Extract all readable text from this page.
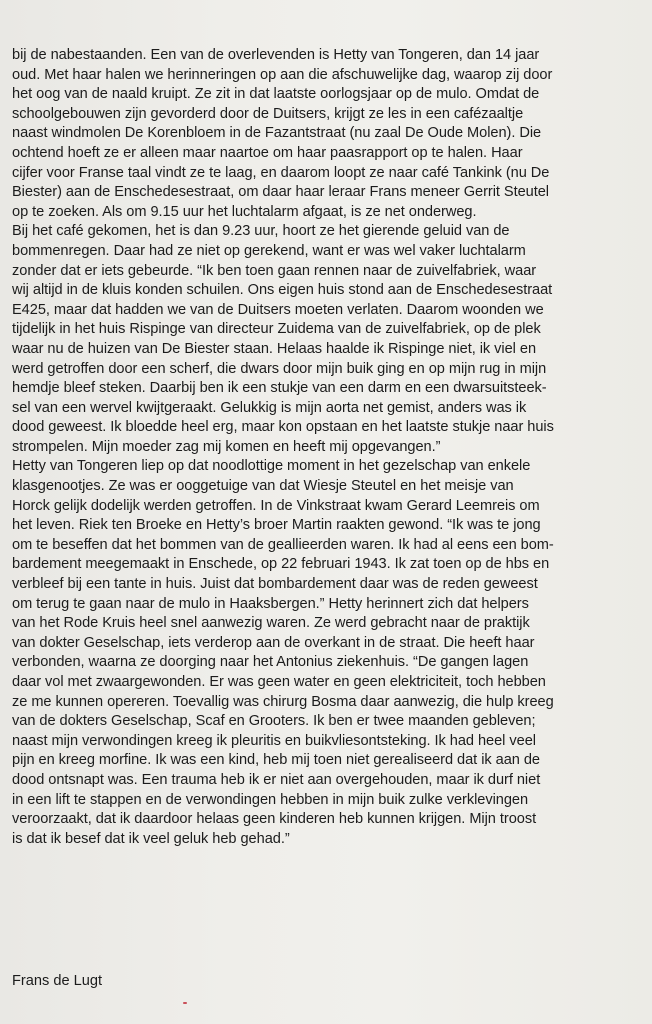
bij de nabestaanden. Een van de overlevenden is Hetty van Tongeren, dan 14 jaar
oud. Met haar halen we herinneringen op aan die afschuwelijke dag, waarop zij door
het oog van de naald kruipt. Ze zit in dat laatste oorlogsjaar op de mulo. Omdat de
schoolgebouwen zijn gevorderd door de Duitsers, krijgt ze les in een cafézaaltje
naast windmolen De Korenbloem in de Fazantstraat (nu zaal De Oude Molen). Die
ochtend hoeft ze er alleen maar naartoe om haar paasrapport op te halen. Haar
cijfer voor Franse taal vindt ze te laag, en daarom loopt ze naar café Tankink (nu De
Biester) aan de Enschedesestraat, om daar haar leraar Frans meneer Gerrit Steutel
op te zoeken. Als om 9.15 uur het luchtalarm afgaat, is ze net onderweg.

Bij het café gekomen, het is dan 9.23 uur, hoort ze het gierende geluid van de
bommenregen. Daar had ze niet op gerekend, want er was wel vaker luchtalarm
zonder dat er iets gebeurde. “Ik ben toen gaan rennen naar de zuivelfabriek, waar
wij altijd in de kluis konden schuilen. Ons eigen huis stond aan de Enschedesestraat
E425, maar dat hadden we van de Duitsers moeten verlaten. Daarom woonden we
tijdelijk in het huis Rispinge van directeur Zuidema van de zuivelfabriek, op de plek
waar nu de huizen van De Biester staan. Helaas haalde ik Rispinge niet, ik viel en
werd getroffen door een scherf, die dwars door mijn buik ging en op mijn rug in mijn
hemdje bleef steken. Daarbij ben ik een stukje van een darm en een dwarsuitsteek-
sel van een wervel kwijtgeraakt. Gelukkig is mijn aorta net gemist, anders was ik
dood geweest. Ik bloedde heel erg, maar kon opstaan en het laatste stukje naar huis
strompelen. Mijn moeder zag mij komen en heeft mij opgevangen.”

Hetty van Tongeren liep op dat noodlottige moment in het gezelschap van enkele
klasgenootjes. Ze was er ooggetuige van dat Wiesje Steutel en het meisje van
Horck gelijk dodelijk werden getroffen. In de Vinkstraat kwam Gerard Leemreis om
het leven. Riek ten Broeke en Hetty’s broer Martin raakten gewond. “Ik was te jong
om te beseffen dat het bommen van de geallieerden waren. Ik had al eens een bom-
bardement meegemaakt in Enschede, op 22 februari 1943. Ik zat toen op de hbs en
verbleef bij een tante in huis. Juist dat bombardement daar was de reden geweest
om terug te gaan naar de mulo in Haaksbergen.” Hetty herinnert zich dat helpers
van het Rode Kruis heel snel aanwezig waren. Ze werd gebracht naar de praktijk
van dokter Geselschap, iets verderop aan de overkant in de straat. Die heeft haar
verbonden, waarna ze doorging naar het Antonius ziekenhuis. “De gangen lagen
daar vol met zwaargewonden. Er was geen water en geen elektriciteit, toch hebben
ze me kunnen opereren. Toevallig was chirurg Bosma daar aanwezig, die hulp kreeg
van de dokters Geselschap, Scaf en Grooters. Ik ben er twee maanden gebleven;
naast mijn verwondingen kreeg ik pleuritis en buikvliesontsteking. Ik had heel veel
pijn en kreeg morfine. Ik was een kind, heb mij toen niet gerealiseerd dat ik aan de
dood ontsnapt was. Een trauma heb ik er niet aan overgehouden, maar ik durf niet
in een lift te stappen en de verwondingen hebben in mijn buik zulke verklevingen
veroorzaakt, dat ik daardoor helaas geen kinderen heb kunnen krijgen. Mijn troost
is dat ik besef dat ik veel geluk heb gehad.”

Frans de Lugt
